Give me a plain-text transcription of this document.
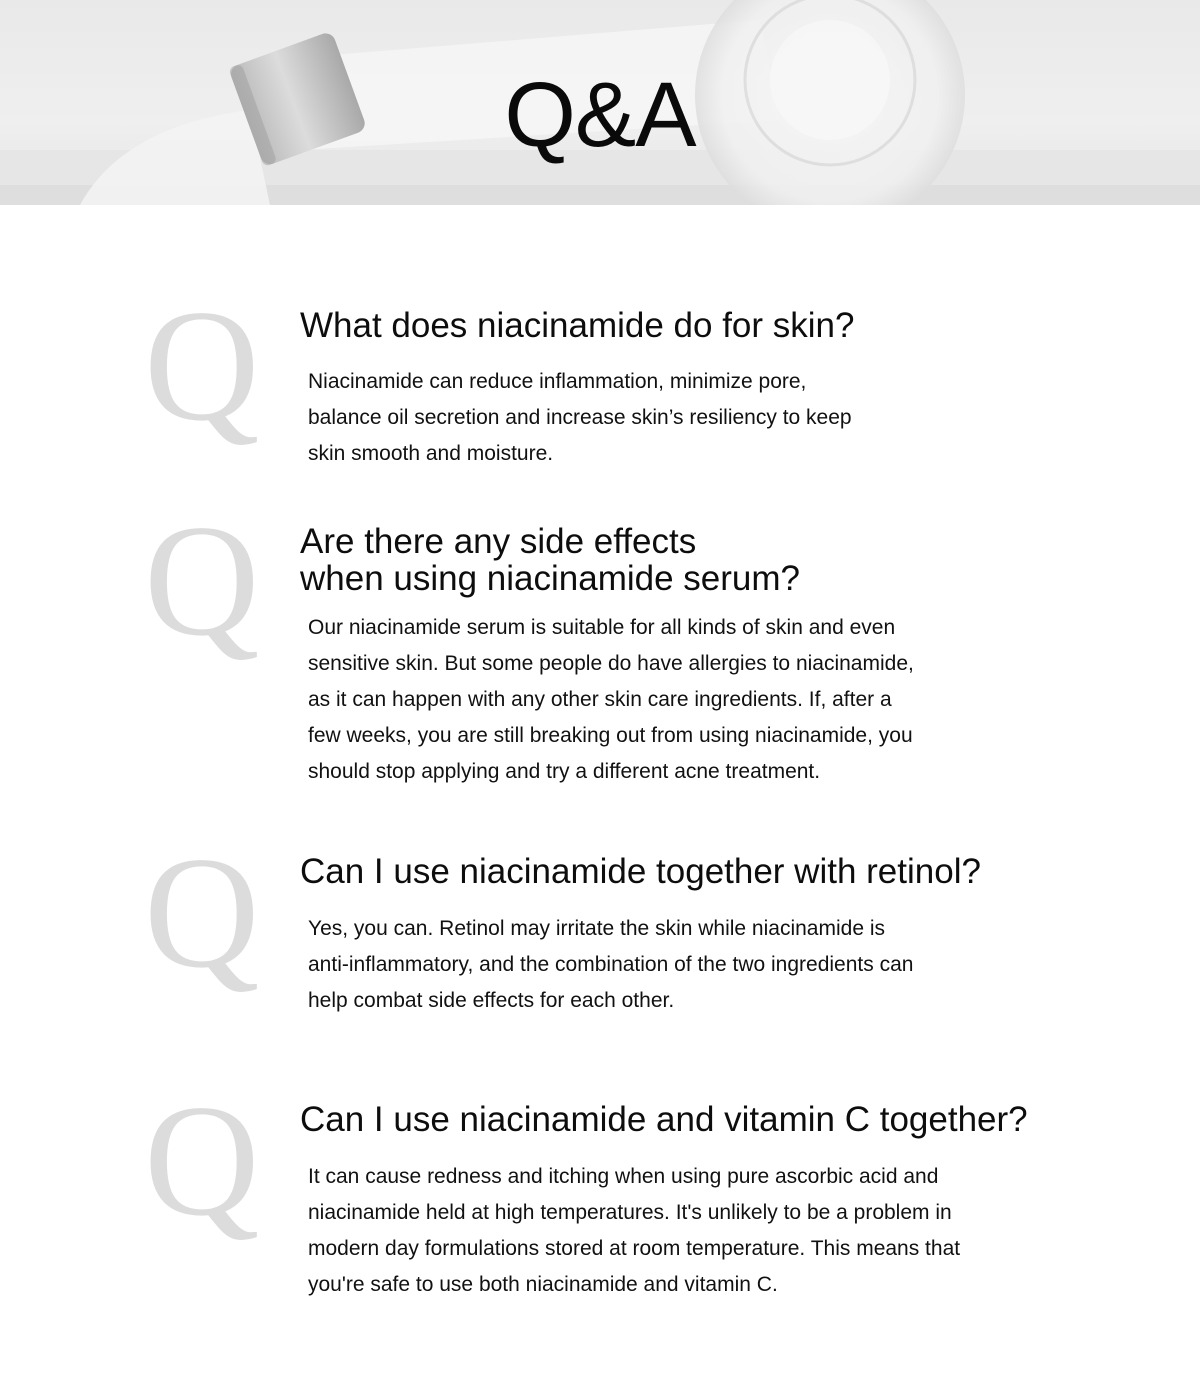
Q&A
Q What does niacinamide do for skin?

Niacinamide can reduce inflammation, minimize pore,
balance oil secretion and increase skin’s resiliency to keep
skin smooth and moisture.

Q Are there any side effects
when using niacinamide serum?

Our niacinamide serum is suitable for all kinds of skin and even
sensitive skin. But some people do have allergies to niacinamide,
as it can happen with any other skin care ingredients. If, after a
few weeks, you are still breaking out from using niacinamide, you
should stop applying and try a different acne treatment.

Q Can I use niacinamide together with retinol?

Yes, you can. Retinol may irritate the skin while niacinamide is
anti-inflammatory, and the combination of the two ingredients can
help combat side effects for each other.

Q Can I use niacinamide and vitamin C together?

It can cause redness and itching when using pure ascorbic acid and
niacinamide held at high temperatures. It's unlikely to be a problem in
modern day formulations stored at room temperature. This means that
you're safe to use both niacinamide and vitamin C.
